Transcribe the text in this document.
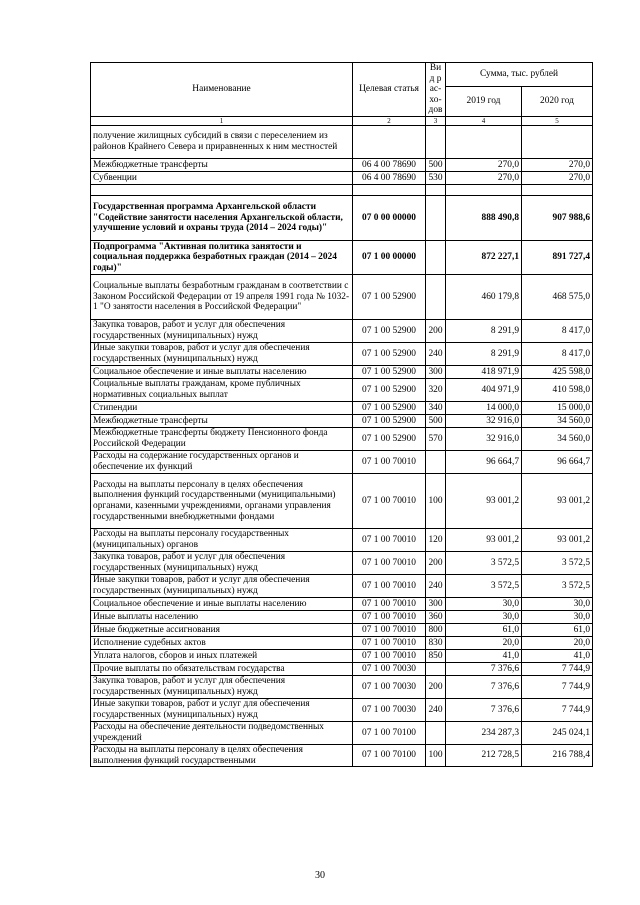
Наименование	Целевая статья	Вид рас-хо-дов	Сумма, тыс. рублей	
			2019 год	2020 год
1	2	3	4	5
получение жилищных субсидий в связи с переселением из районов Крайнего Севера и приравненных к ним местностей				
Межбюджетные трансферты	06 4 00 78690	500	270,0	270,0
Субвенции	06 4 00 78690	530	270,0	270,0

Государственная программа Архангельской области "Содействие занятости населения Архангельской области, улучшение условий и охраны труда (2014 – 2024 годы)"	07 0 00 00000		888 490,8	907 988,6
Подпрограмма "Активная политика занятости и социальная поддержка безработных граждан (2014 – 2024 годы)"	07 1 00 00000		872 227,1	891 727,4
Социальные выплаты безработным гражданам в соответствии с Законом Российской Федерации от 19 апреля 1991 года № 1032-1 "О занятости населения в Российской Федерации"	07 1 00 52900		460 179,8	468 575,0
Закупка товаров, работ и услуг для обеспечения государственных (муниципальных) нужд	07 1 00 52900	200	8 291,9	8 417,0
Иные закупки товаров, работ и услуг для обеспечения государственных (муниципальных) нужд	07 1 00 52900	240	8 291,9	8 417,0
Социальное обеспечение и иные выплаты населению	07 1 00 52900	300	418 971,9	425 598,0
Социальные выплаты гражданам, кроме публичных нормативных социальных выплат	07 1 00 52900	320	404 971,9	410 598,0
Стипендии	07 1 00 52900	340	14 000,0	15 000,0
Межбюджетные трансферты	07 1 00 52900	500	32 916,0	34 560,0
Межбюджетные трансферты бюджету Пенсионного фонда Российской Федерации	07 1 00 52900	570	32 916,0	34 560,0
Расходы на содержание государственных органов и обеспечение их функций	07 1 00 70010		96 664,7	96 664,7
Расходы на выплаты персоналу в целях обеспечения выполнения функций государственными (муниципальными) органами, казенными учреждениями, органами управления государственными внебюджетными фондами	07 1 00 70010	100	93 001,2	93 001,2
Расходы на выплаты персоналу государственных (муниципальных) органов	07 1 00 70010	120	93 001,2	93 001,2
Закупка товаров, работ и услуг для обеспечения государственных (муниципальных) нужд	07 1 00 70010	200	3 572,5	3 572,5
Иные закупки товаров, работ и услуг для обеспечения государственных (муниципальных) нужд	07 1 00 70010	240	3 572,5	3 572,5
Социальное обеспечение и иные выплаты населению	07 1 00 70010	300	30,0	30,0
Иные выплаты населению	07 1 00 70010	360	30,0	30,0
Иные бюджетные ассигнования	07 1 00 70010	800	61,0	61,0
Исполнение судебных актов	07 1 00 70010	830	20,0	20,0
Уплата налогов, сборов и иных платежей	07 1 00 70010	850	41,0	41,0
Прочие выплаты по обязательствам государства	07 1 00 70030		7 376,6	7 744,9
Закупка товаров, работ и услуг для обеспечения государственных (муниципальных) нужд	07 1 00 70030	200	7 376,6	7 744,9
Иные закупки товаров, работ и услуг для обеспечения государственных (муниципальных) нужд	07 1 00 70030	240	7 376,6	7 744,9
Расходы на обеспечение деятельности подведомственных учреждений	07 1 00 70100		234 287,3	245 024,1
Расходы на выплаты персоналу в целях обеспечения выполнения функций государственными	07 1 00 70100	100	212 728,5	216 788,4
30
